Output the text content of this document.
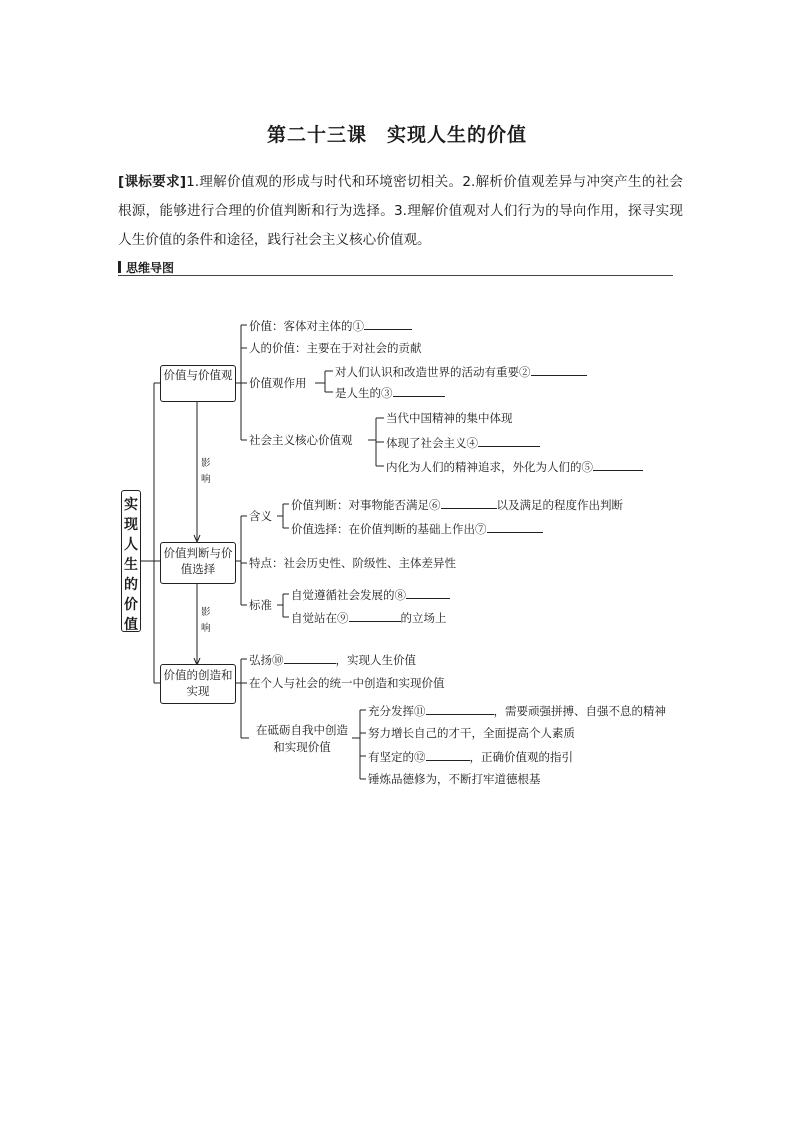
第二十三课　实现人生的价值
[课标要求]1.理解价值观的形成与时代和环境密切相关。2.解析价值观差异与冲突产生的社会根源，能够进行合理的价值判断和行为选择。3.理解价值观对人们行为的导向作用，探寻实现人生价值的条件和途径，践行社会主义核心价值观。
思维导图
实现人生的价值
价值与价值观
价值判断与价值选择
价值的创造和实现
影响
影响
价值：客体对主体的①
人的价值：主要在于对社会的贡献
价值观作用
对人们认识和改造世界的活动有重要②
是人生的③
社会主义核心价值观
当代中国精神的集中体现
体现了社会主义④
内化为人们的精神追求，外化为人们的⑤
含义
价值判断：对事物能否满足⑥	以及满足的程度作出判断
价值选择：在价值判断的基础上作出⑦
特点：社会历史性、阶级性、主体差异性
标准
自觉遵循社会发展的⑧
自觉站在⑨	的立场上
弘扬⑩	，实现人生价值
在个人与社会的统一中创造和实现价值
在砥砺自我中创造和实现价值
充分发挥⑪	，需要顽强拼搏、自强不息的精神
努力增长自己的才干，全面提高个人素质
有坚定的⑫	，正确价值观的指引
锤炼品德修为，不断打牢道德根基
